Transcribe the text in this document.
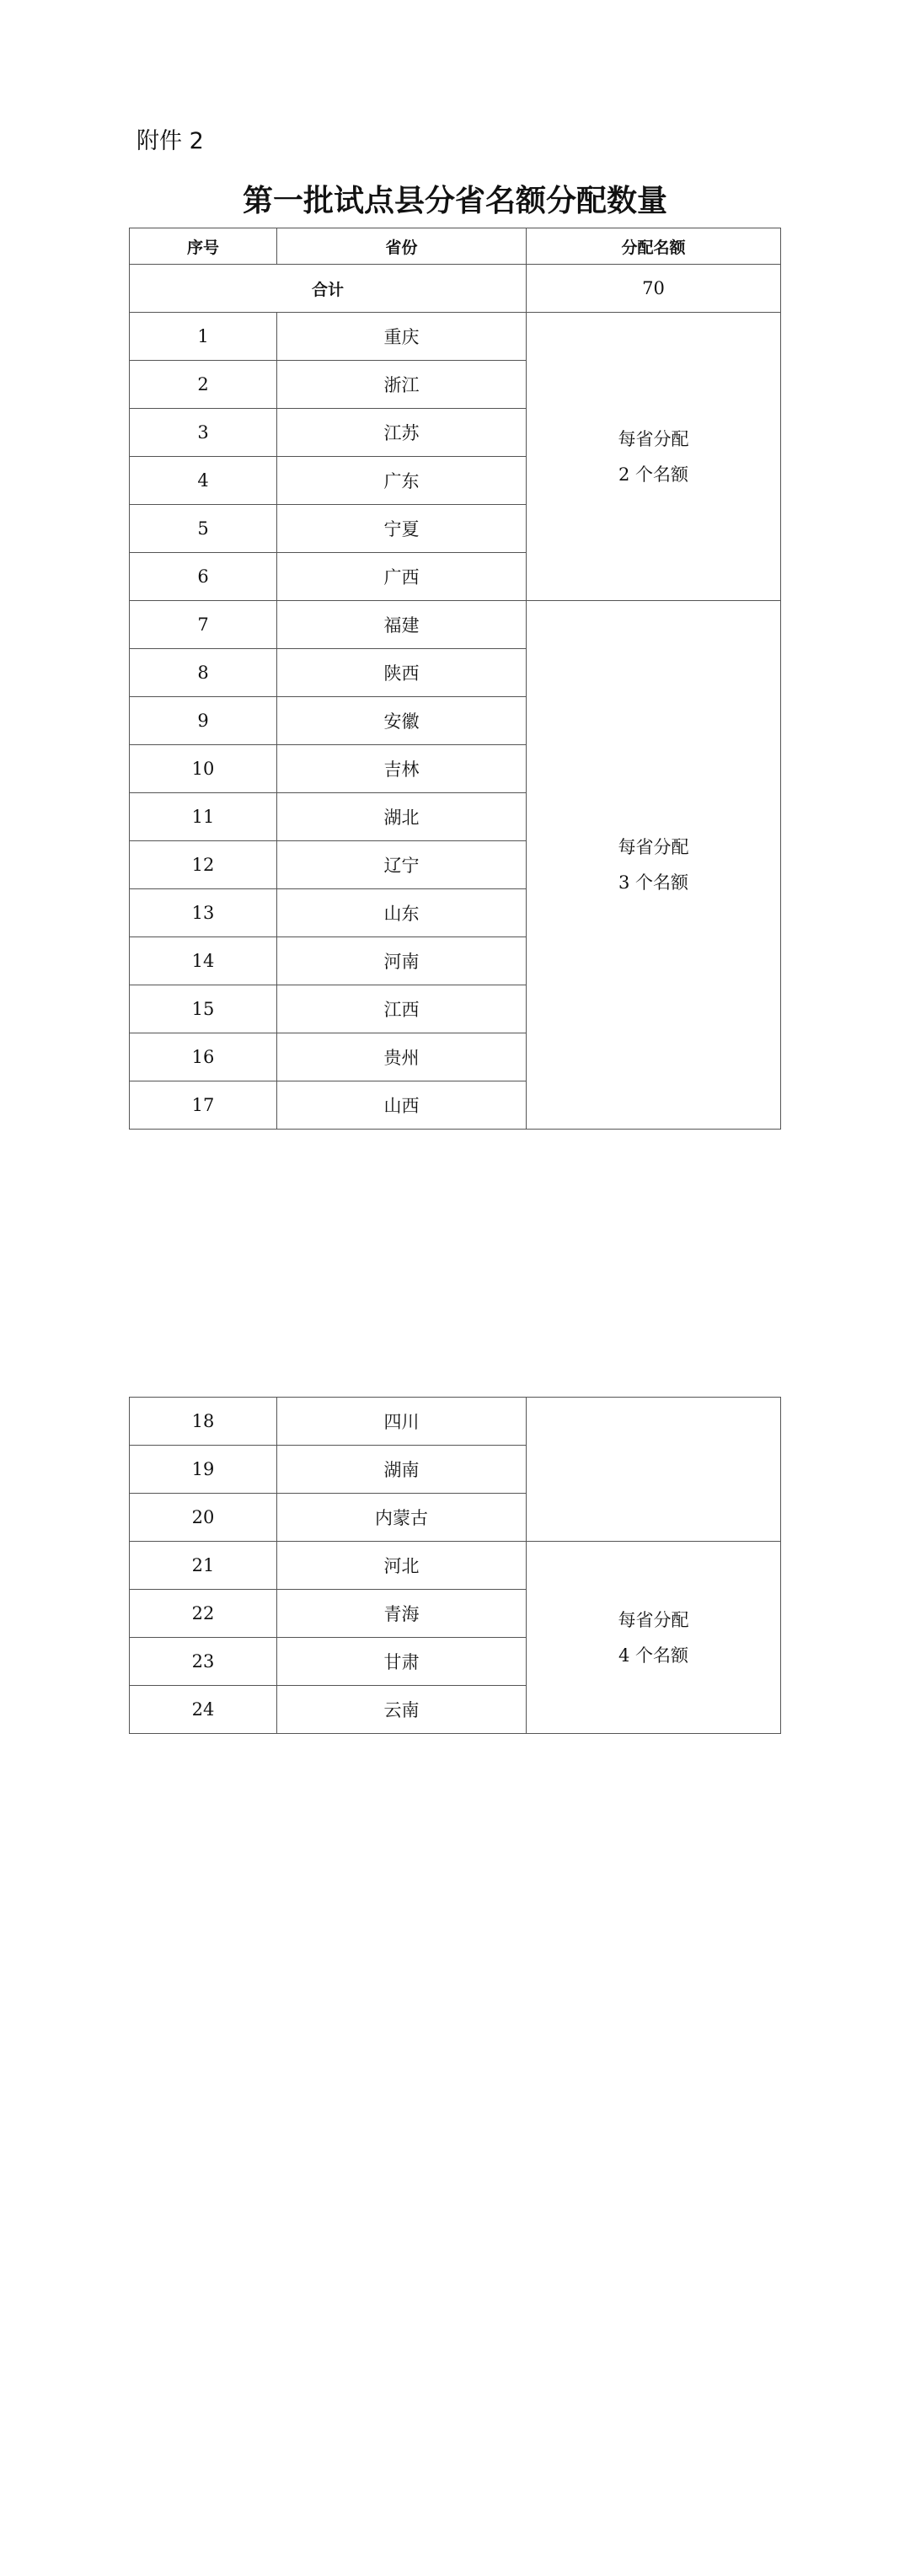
附件 2
第一批试点县分省名额分配数量
序号	省份	分配名额
合计		70
1	重庆	每省分配
2 个名额

2	浙江	
3	江苏	
4	广东	
5	宁夏	
6	广西	
7	福建	每省分配
3 个名额

8	陕西	
9	安徽	
10	吉林	
11	湖北	
12	辽宁	
13	山东	
14	河南	
15	江西	
16	贵州	
17	山西	
18	四川	
19	湖南	
20	内蒙古	
21	河北	每省分配
4 个名额

22	青海	
23	甘肃	
24	云南	
